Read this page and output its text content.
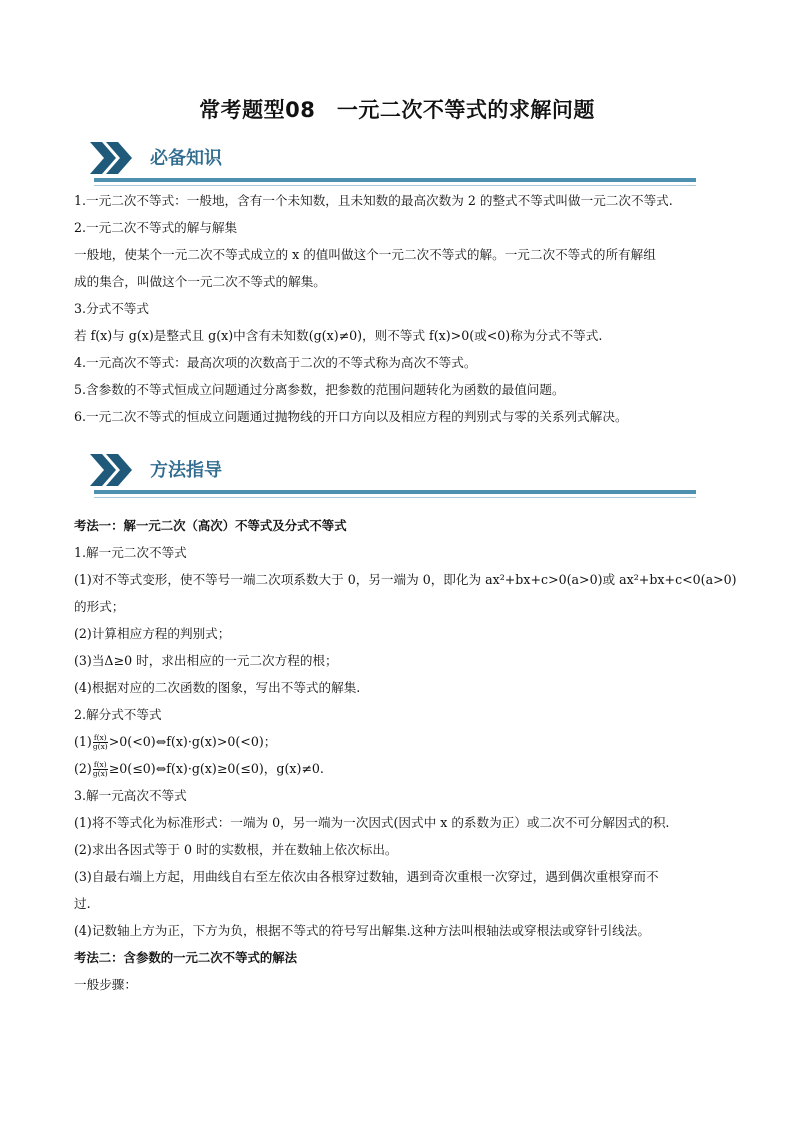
常考题型08　一元二次不等式的求解问题
必备知识

1.一元二次不等式：一般地，含有一个未知数，且未知数的最高次数为 2 的整式不等式叫做一元二次不等式.

2.一元二次不等式的解与解集

一般地，使某个一元二次不等式成立的 x 的值叫做这个一元二次不等式的解。一元二次不等式的所有解组

成的集合，叫做这个一元二次不等式的解集。

3.分式不等式

若 f(x)与 g(x)是整式且 g(x)中含有未知数(g(x)≠0)，则不等式 f(x)>0(或<0)称为分式不等式.

4.一元高次不等式：最高次项的次数高于二次的不等式称为高次不等式。

5.含参数的不等式恒成立问题通过分离参数，把参数的范围问题转化为函数的最值问题。

6.一元二次不等式的恒成立问题通过抛物线的开口方向以及相应方程的判别式与零的关系列式解决。

方法指导

考法一：解一元二次（高次）不等式及分式不等式

1.解一元二次不等式

(1)对不等式变形，使不等号一端二次项系数大于 0，另一端为 0，即化为 ax²+bx+c>0(a>0)或 ax²+bx+c<0(a>0)

的形式；

(2)计算相应方程的判别式；

(3)当Δ≥0 时，求出相应的一元二次方程的根；

(4)根据对应的二次函数的图象，写出不等式的解集.

2.解分式不等式

$(1) \frac{f(x)}{g(x)}$ >0(<0)⇔f(x)·g(x)>0(<0)；

$(2) \frac{f(x)}{g(x)}$ ≥0(≤0)⇔f(x)·g(x)≥0(≤0)，g(x)≠0.

3.解一元高次不等式

(1)将不等式化为标准形式：一端为 0，另一端为一次因式(因式中 x 的系数为正）或二次不可分解因式的积.

(2)求出各因式等于 0 时的实数根，并在数轴上依次标出。

(3)自最右端上方起，用曲线自右至左依次由各根穿过数轴，遇到奇次重根一次穿过，遇到偶次重根穿而不

过.

(4)记数轴上方为正，下方为负，根据不等式的符号写出解集.这种方法叫根轴法或穿根法或穿针引线法。

考法二：含参数的一元二次不等式的解法

一般步骤：
